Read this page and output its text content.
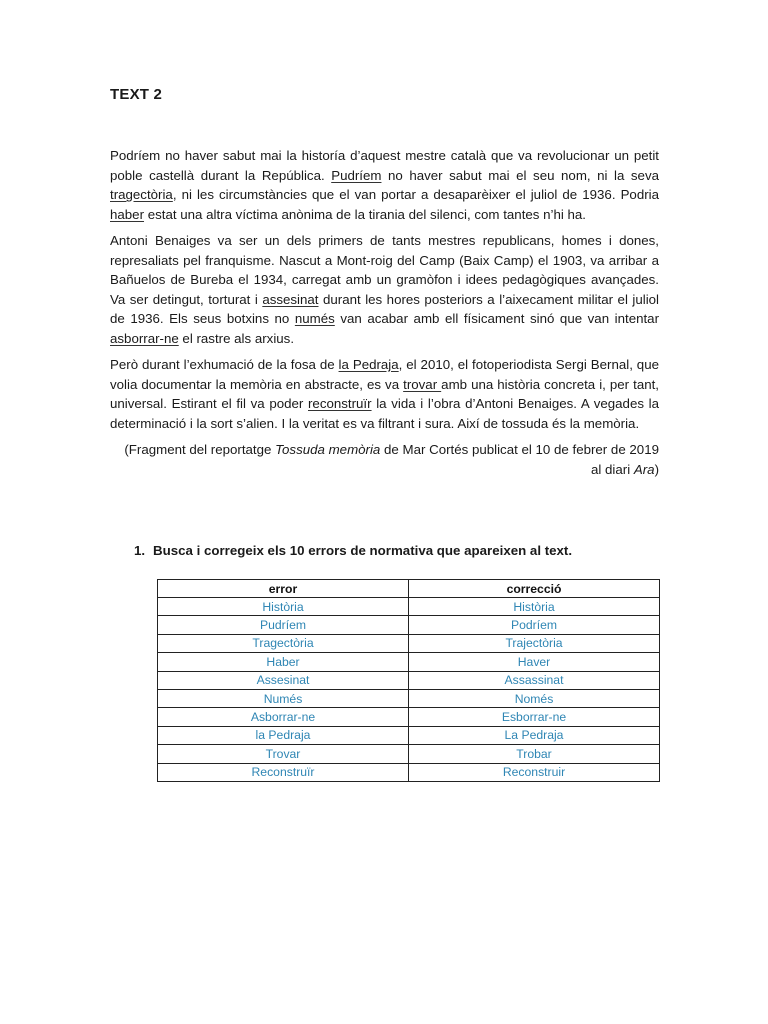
TEXT 2

Podríem no haver sabut mai la historía d’aquest mestre català que va revolucionar un petit poble castellà durant la República. Pudríem no haver sabut mai el seu nom, ni la seva tragectòria, ni les circumstàncies que el van portar a desaparèixer el juliol de 1936. Podria haber estat una altra víctima anònima de la tirania del silenci, com tantes n’hi ha.

Antoni Benaiges va ser un dels primers de tants mestres republicans, homes i dones, represaliats pel franquisme. Nascut a Mont-roig del Camp (Baix Camp) el 1903, va arribar a Bañuelos de Bureba el 1934, carregat amb un gramòfon i idees pedagògiques avançades. Va ser detingut, torturat i assesinat durant les hores posteriors a l’aixecament militar el juliol de 1936. Els seus botxins no numés van acabar amb ell físicament sinó que van intentar asborrar-ne el rastre als arxius.

Però durant l’exhumació de la fosa de la Pedraja, el 2010, el fotoperiodista Sergi Bernal, que volia documentar la memòria en abstracte, es va trovar amb una història concreta i, per tant, universal. Estirant el fil va poder reconstruïr la vida i l’obra d’Antoni Benaiges. A vegades la determinació i la sort s’alien. I la veritat es va filtrant i sura. Així de tossuda és la memòria.

(Fragment del reportatge Tossuda memòria de Mar Cortés publicat el 10 de febrer de 2019 al diari Ara)

1. Busca i corregeix els 10 errors de normativa que apareixen al text.
error	correcció
Història	Història
Pudríem	Podríem
Tragectòria	Trajectòria
Haber	Haver
Assesinat	Assassinat
Numés	Només
Asborrar-ne	Esborrar-ne
la Pedraja	La Pedraja
Trovar	Trobar
Reconstruïr	Reconstruir
